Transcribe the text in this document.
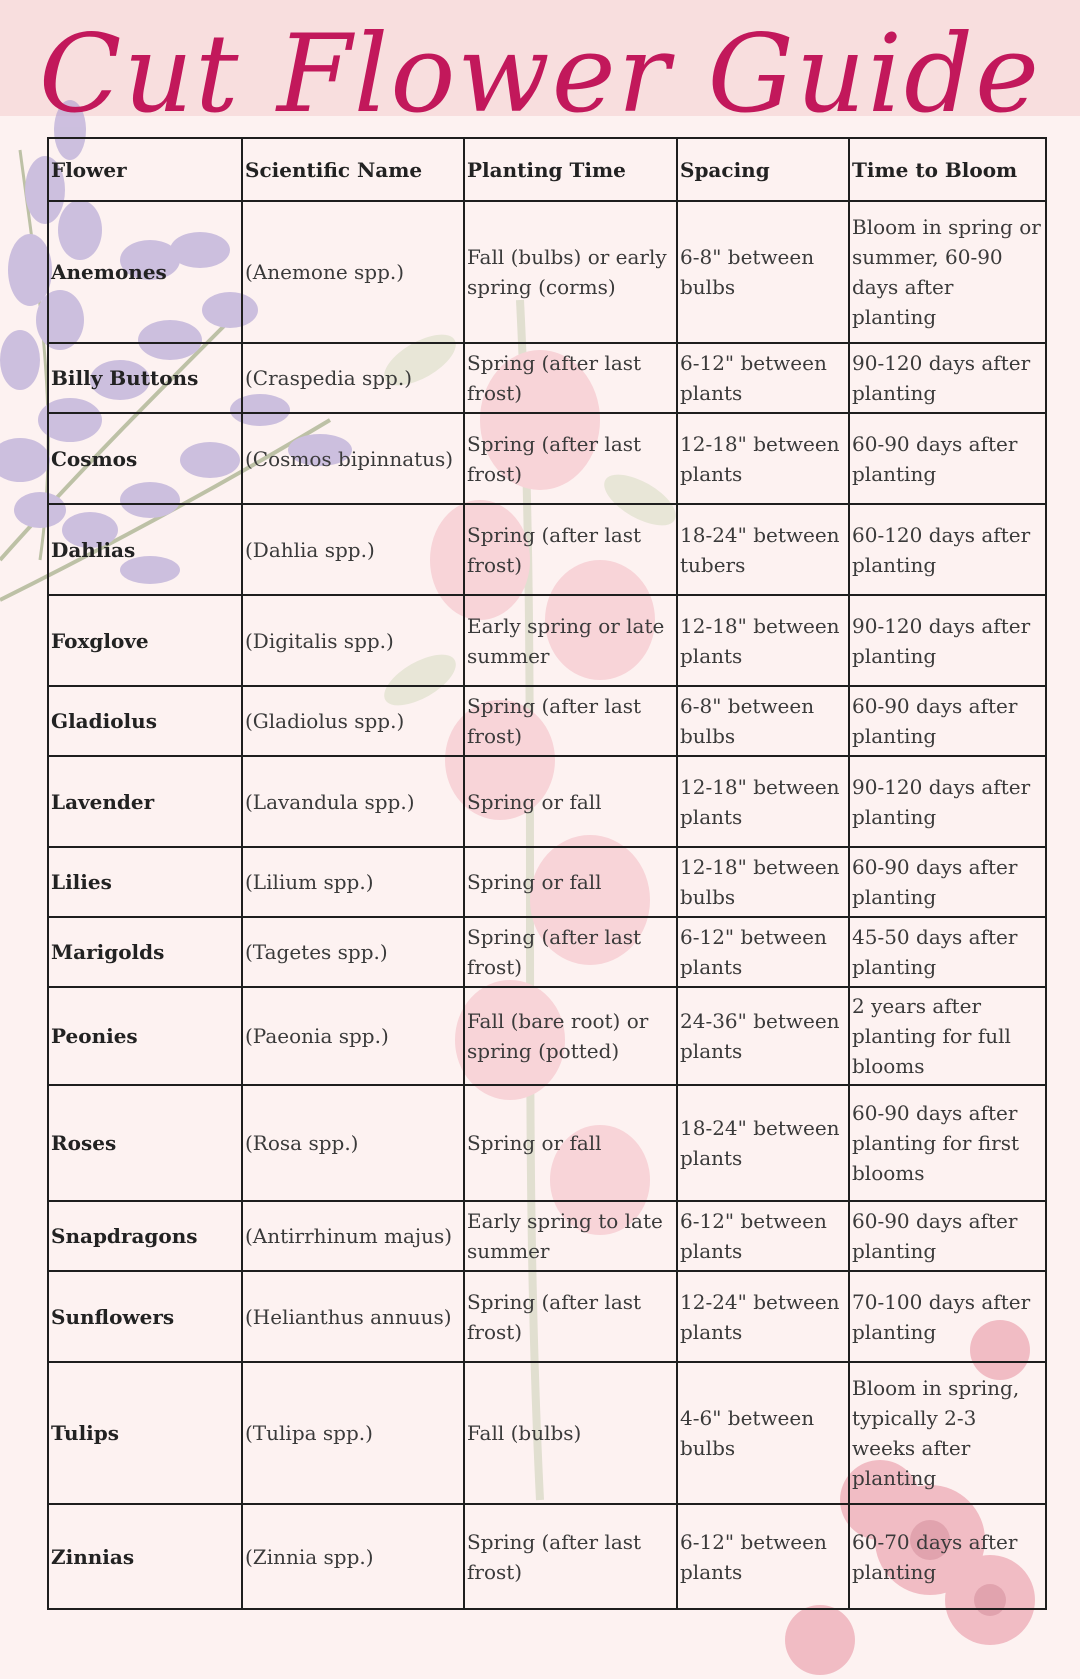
Cut Flower Guide
Flower	Scientific Name	Planting Time	Spacing	Time to Bloom
Anemones	(Anemone spp.)	Fall (bulbs) or early spring (corms)	6-8" between bulbs	Bloom in spring or summer, 60-90 days after planting
Billy Buttons	(Craspedia spp.)	Spring (after last frost)	6-12" between plants	90-120 days after planting
Cosmos	(Cosmos bipinnatus)	Spring (after last frost)	12-18" between plants	60-90 days after planting
Dahlias	(Dahlia spp.)	Spring (after last frost)	18-24" between tubers	60-120 days after planting
Foxglove	(Digitalis spp.)	Early spring or late summer	12-18" between plants	90-120 days after planting
Gladiolus	(Gladiolus spp.)	Spring (after last frost)	6-8" between bulbs	60-90 days after planting
Lavender	(Lavandula spp.)	Spring or fall	12-18" between plants	90-120 days after planting
Lilies	(Lilium spp.)	Spring or fall	12-18" between bulbs	60-90 days after planting
Marigolds	(Tagetes spp.)	Spring (after last frost)	6-12" between plants	45-50 days after planting
Peonies	(Paeonia spp.)	Fall (bare root) or spring (potted)	24-36" between plants	2 years after planting for full blooms
Roses	(Rosa spp.)	Spring or fall	18-24" between plants	60-90 days after planting for first blooms
Snapdragons	(Antirrhinum majus)	Early spring to late summer	6-12" between plants	60-90 days after planting
Sunflowers	(Helianthus annuus)	Spring (after last frost)	12-24" between plants	70-100 days after planting
Tulips	(Tulipa spp.)	Fall (bulbs)	4-6" between bulbs	Bloom in spring, typically 2-3 weeks after planting
Zinnias	(Zinnia spp.)	Spring (after last frost)	6-12" between plants	60-70 days after planting
